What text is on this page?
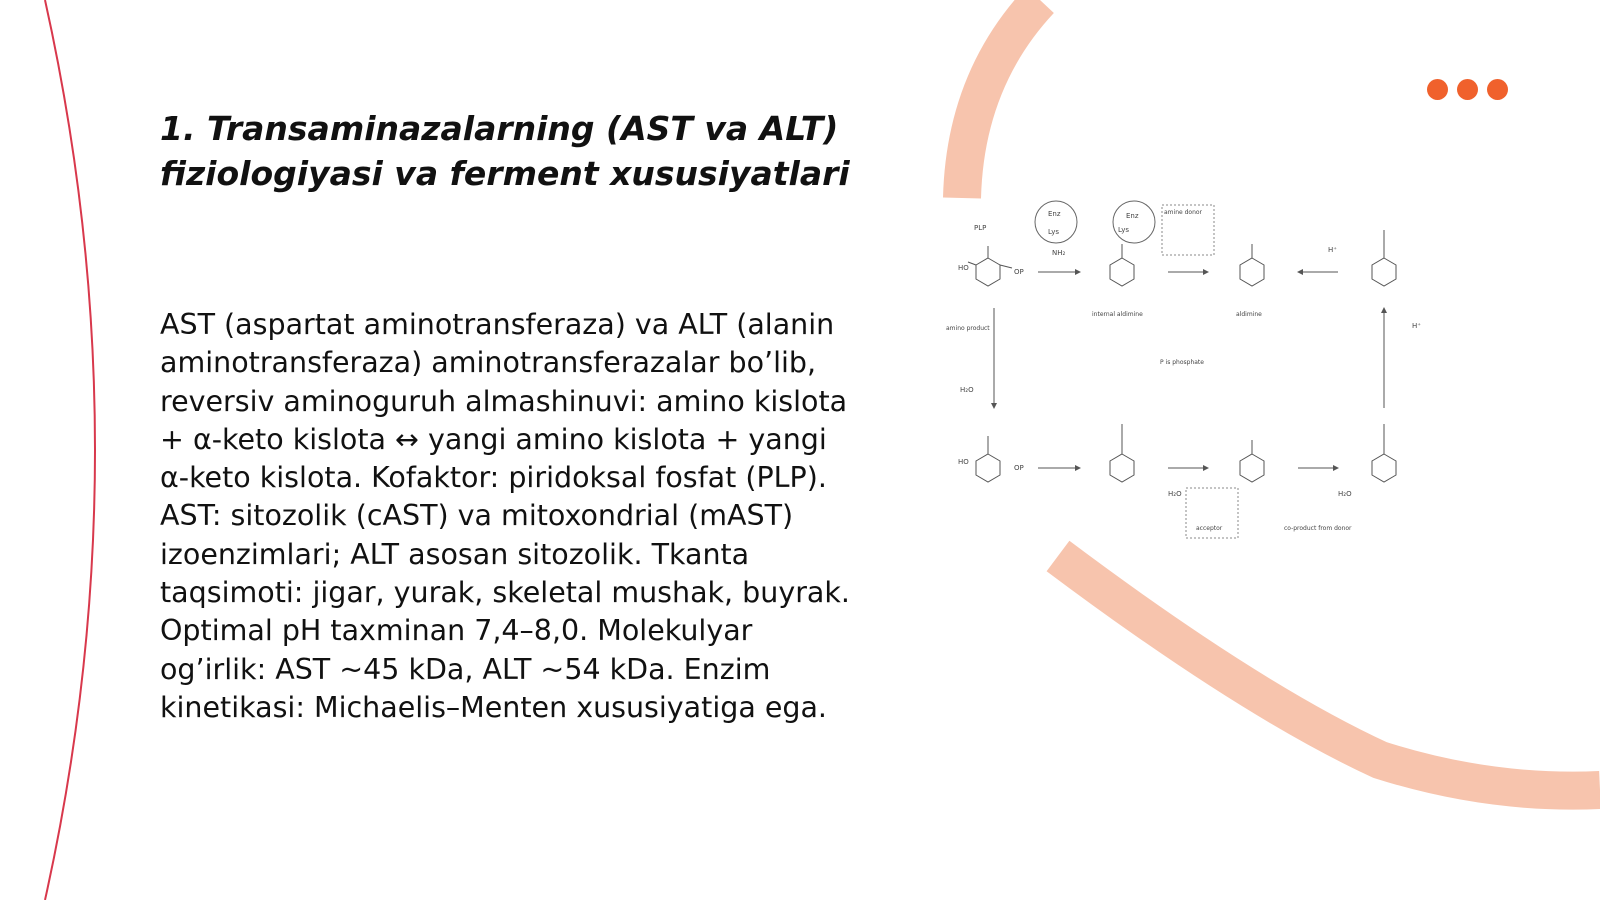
1. Transaminazalarning (AST va ALT) fiziologiyasi va ferment xususiyatlari

AST (aspartat aminotransferaza) va ALT (alanin aminotransferaza) aminotransferazalar bo’lib, reversiv aminoguruh almashinuvi: amino kislota + α-keto kislota ↔ yangi amino kislota + yangi α-keto kislota. Kofaktor: piridoksal fosfat (PLP). AST: sitozolik (cAST) va mitoxondrial (mAST) izoenzimlari; ALT asosan sitozolik. Tkanta taqsimoti: jigar, yurak, skeletal mushak, buyrak. Optimal pH taxminan 7,4–8,0. Molekulyar og’irlik: AST ~45 kDa, ALT ~54 kDa. Enzim kinetikasi: Michaelis–Menten xususiyatiga ega.

PLP
Enz
Lys
Enz
Lys
amine donor
NH₂
internal aldimine	aldimine
amino product
P is phosphate
acceptor	co-product from donor
H⁺
H⁺
H₂O
H₂O	H₂O
HO	OP
HO
OP
